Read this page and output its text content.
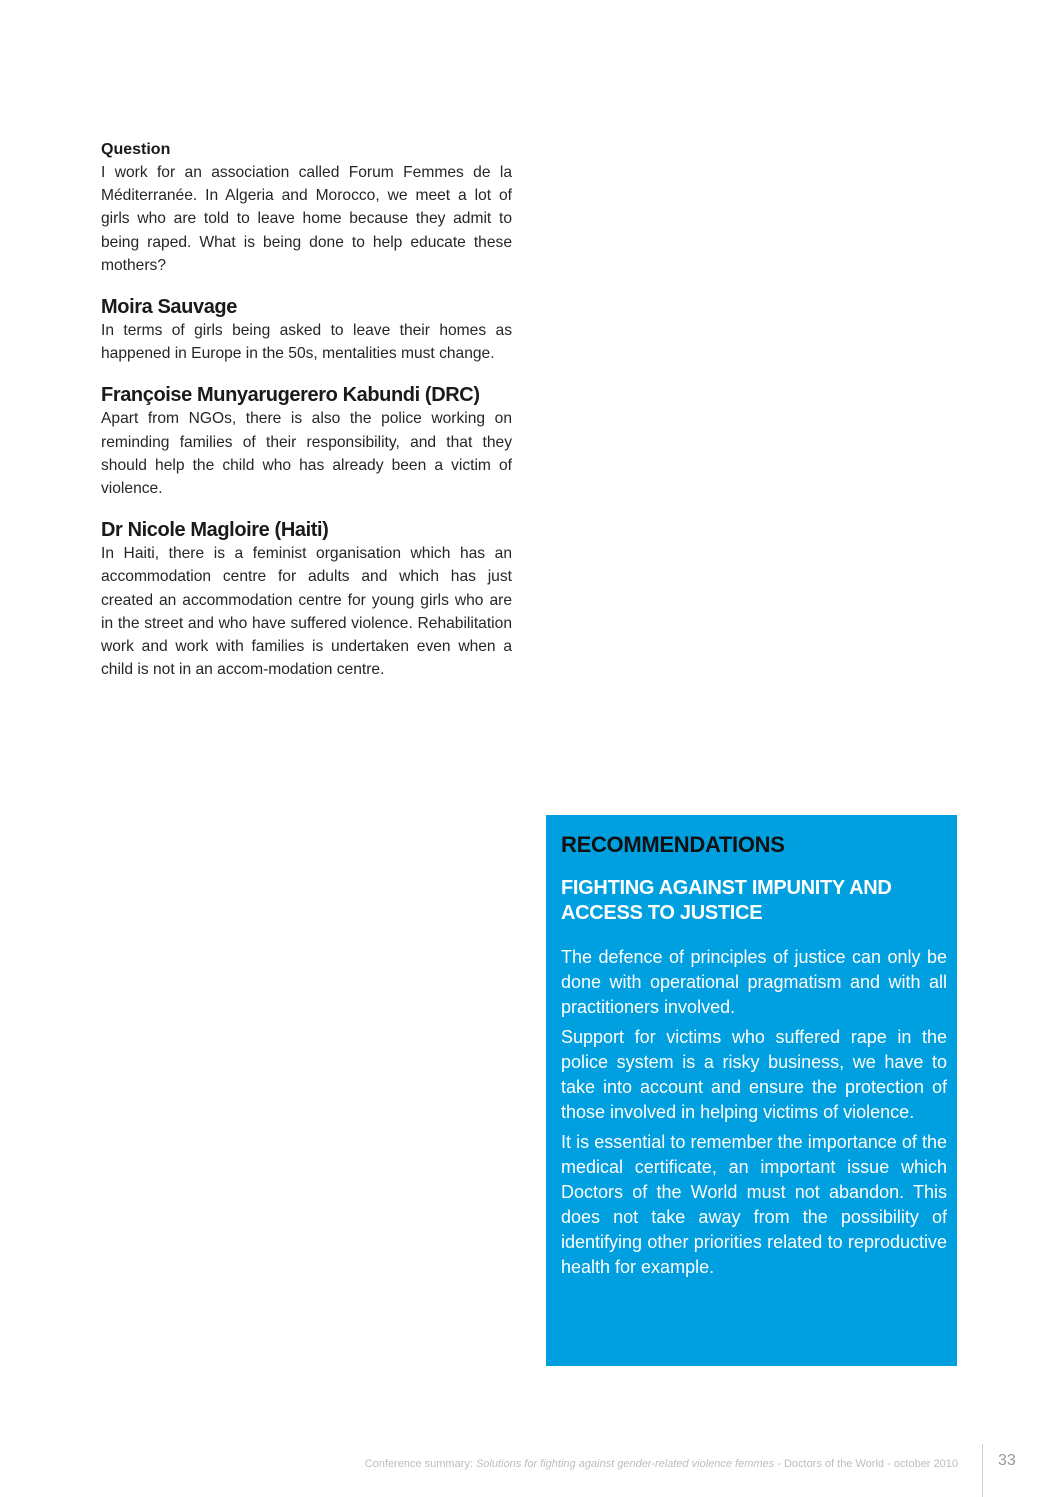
Question

I work for an association called Forum Femmes de la Méditerranée. In Algeria and Morocco, we meet a lot of girls who are told to leave home because they admit to being raped. What is being done to help educate these mothers?

Moira Sauvage

In terms of girls being asked to leave their homes as happened in Europe in the 50s, mentalities must change.

Françoise Munyarugerero Kabundi (DRC)

Apart from NGOs, there is also the police working on reminding families of their responsibility, and that they should help the child who has already been a victim of violence.

Dr Nicole Magloire (Haiti)

In Haiti, there is a feminist organisation which has an accommodation centre for adults and which has just created an accommodation centre for young girls who are in the street and who have suffered violence. Rehabilitation work and work with families is undertaken even when a child is not in an accom-modation centre.

RECOMMENDATIONS
FIGHTING AGAINST IMPUNITY AND ACCESS TO JUSTICE

The defence of principles of justice can only be done with operational pragmatism and with all practitioners involved.

Support for victims who suffered rape in the police system is a risky business, we have to take into account and ensure the protection of those involved in helping victims of violence.

It is essential to remember the importance of the medical certificate, an important issue which Doctors of the World must not abandon. This does not take away from the possibility of identifying other priorities related to reproductive health for example.

Conference summary: Solutions for fighting against gender-related violence femmes - Doctors of the World - october 2010	33
